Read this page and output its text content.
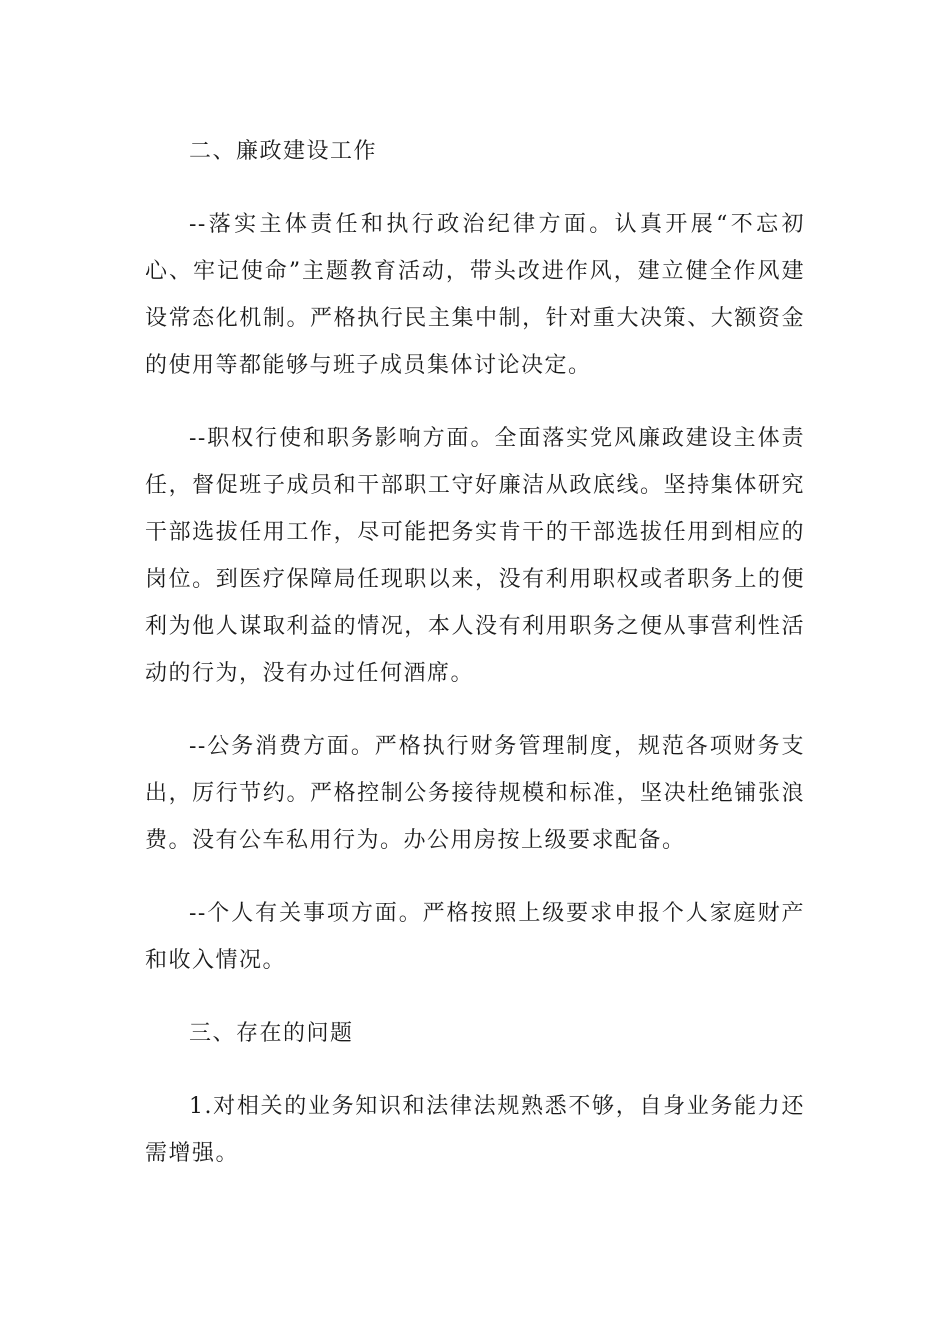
二、廉政建设工作

--落实主体责任和执行政治纪律方面。认真开展“不忘初心、牢记使命”主题教育活动，带头改进作风，建立健全作风建设常态化机制。严格执行民主集中制，针对重大决策、大额资金的使用等都能够与班子成员集体讨论决定。

--职权行使和职务影响方面。全面落实党风廉政建设主体责任，督促班子成员和干部职工守好廉洁从政底线。坚持集体研究干部选拔任用工作，尽可能把务实肯干的干部选拔任用到相应的岗位。到医疗保障局任现职以来，没有利用职权或者职务上的便利为他人谋取利益的情况，本人没有利用职务之便从事营利性活动的行为，没有办过任何酒席。

--公务消费方面。严格执行财务管理制度，规范各项财务支出，厉行节约。严格控制公务接待规模和标准，坚决杜绝铺张浪费。没有公车私用行为。办公用房按上级要求配备。

--个人有关事项方面。严格按照上级要求申报个人家庭财产和收入情况。

三、存在的问题

1.对相关的业务知识和法律法规熟悉不够，自身业务能力还需增强。
